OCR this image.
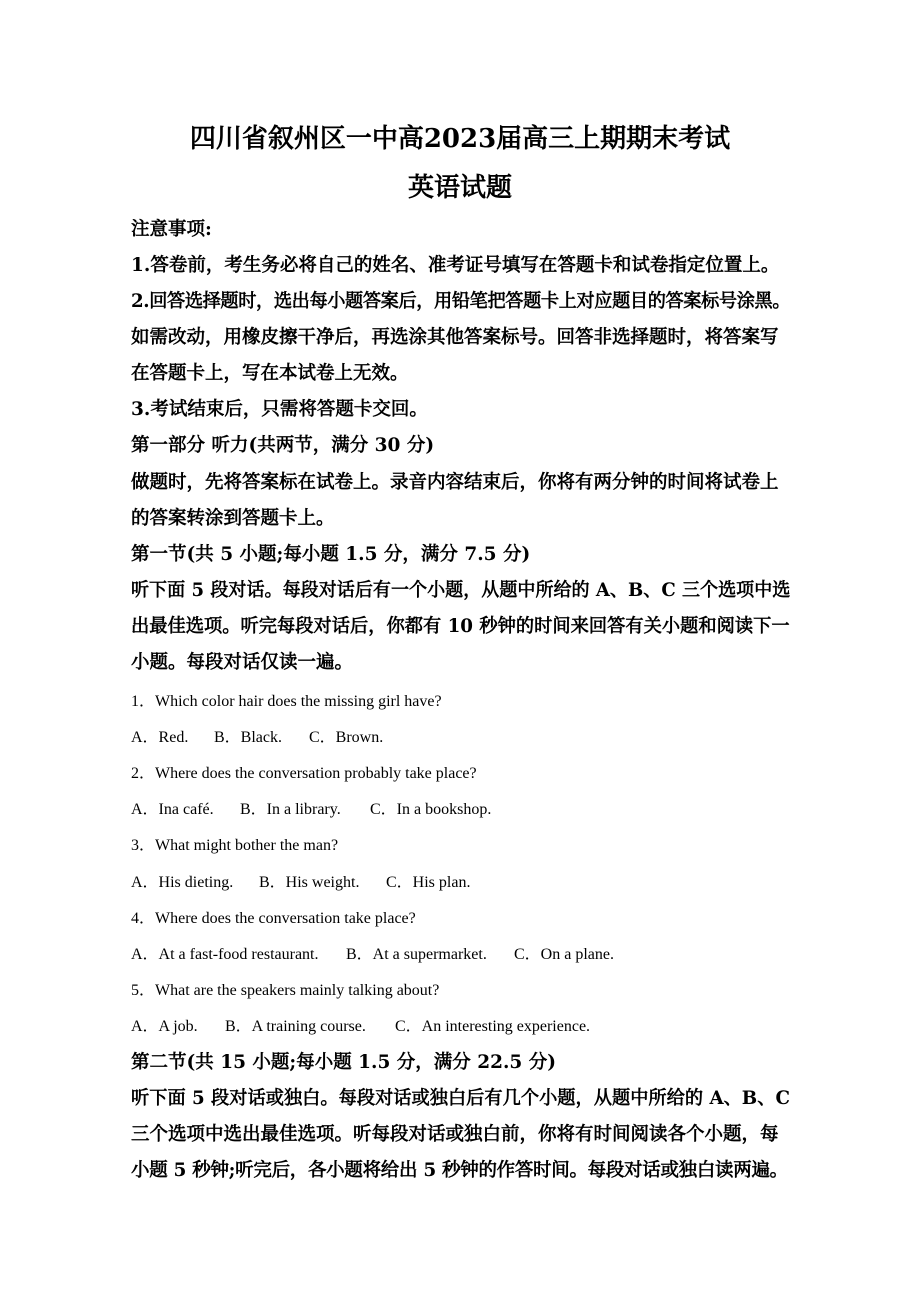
四川省叙州区一中高2023届高三上期期末考试

英语试题

注意事项:

1.答卷前，考生务必将自己的姓名、准考证号填写在答题卡和试卷指定位置上。

2.回答选择题时，选出每小题答案后，用铅笔把答题卡上对应题目的答案标号涂黑。

如需改动，用橡皮擦干净后，再选涂其他答案标号。回答非选择题时，将答案写

在答题卡上，写在本试卷上无效。

3.考试结束后，只需将答题卡交回。

第一部分 听力(共两节，满分 30 分)

做题时，先将答案标在试卷上。录音内容结束后，你将有两分钟的时间将试卷上

的答案转涂到答题卡上。

第一节(共 5 小题;每小题 1.5 分，满分 7.5 分)

听下面 5 段对话。每段对话后有一个小题，从题中所给的 A、B、C 三个选项中选

出最佳选项。听完每段对话后，你都有 10 秒钟的时间来回答有关小题和阅读下一

小题。每段对话仅读一遍。

1．Which color hair does the missing girl have?

A．Red. B．Black. C．Brown.

2．Where does the conversation probably take place?

A．Ina café. B．In a library. C．In a bookshop.

3．What might bother the man?

A．His dieting. B．His weight. C．His plan.

4．Where does the conversation take place?

A．At a fast-food restaurant. B．At a supermarket. C．On a plane.

5．What are the speakers mainly talking about?

A．A job. B．A training course. C．An interesting experience.

第二节(共 15 小题;每小题 1.5 分，满分 22.5 分)

听下面 5 段对话或独白。每段对话或独白后有几个小题，从题中所给的 A、B、C

三个选项中选出最佳选项。听每段对话或独白前，你将有时间阅读各个小题，每

小题 5 秒钟;听完后，各小题将给出 5 秒钟的作答时间。每段对话或独白读两遍。
